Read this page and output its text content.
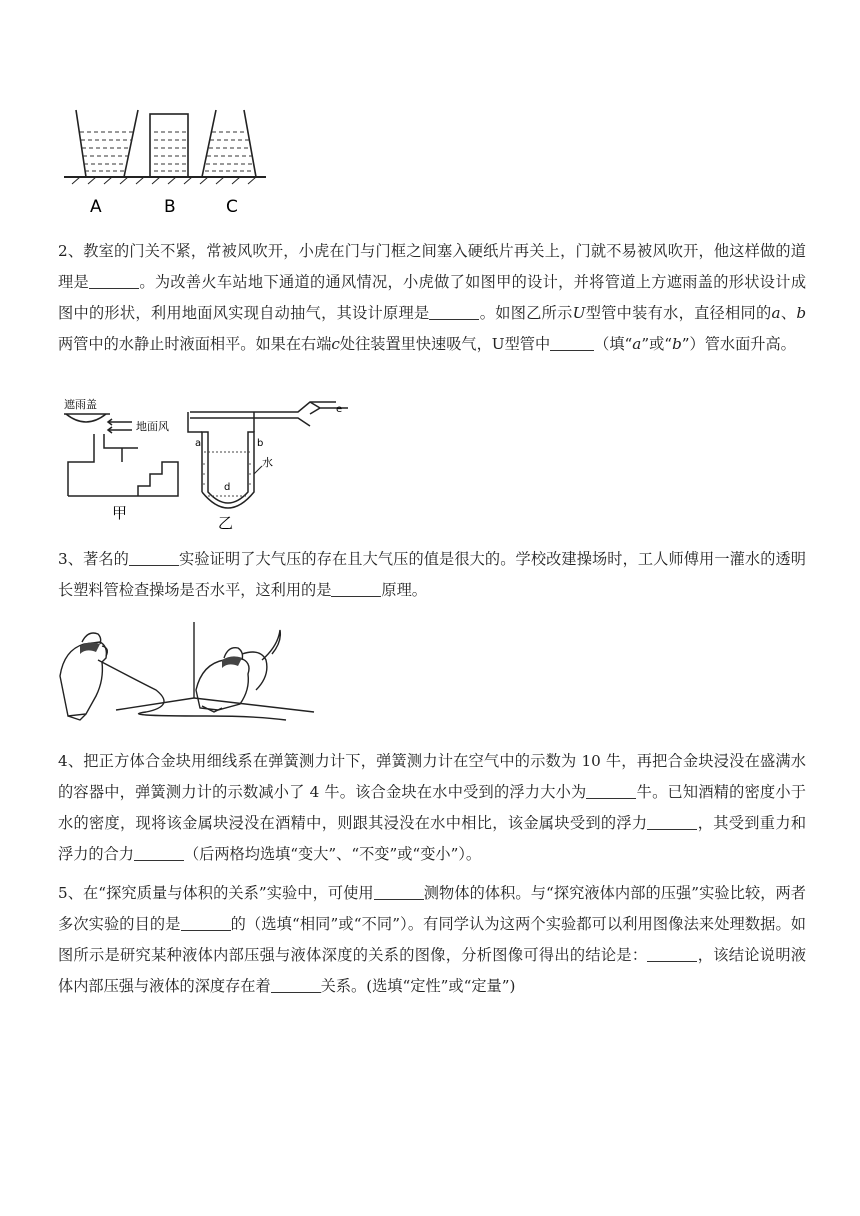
A	B	C

2、教室的门关不紧，常被风吹开，小虎在门与门框之间塞入硬纸片再关上，门就不易被风吹开，他这样做的道理是	。为改善火车站地下通道的通风情况，小虎做了如图甲的设计，并将管道上方遮雨盖的形状设计成图中的形状，利用地面风实现自动抽气，其设计原理是	。如图乙所示U型管中装有水，直径相同的a、b两管中的水静止时液面相平。如果在右端c处往装置里快速吸气，U型管中	（填“a”或“b”）管水面升高。

遮雨盖
地面风
甲
乙
水
a	b
d
e

3、著名的	实验证明了大气压的存在且大气压的值是很大的。学校改建操场时，工人师傅用一灌水的透明长塑料管检查操场是否水平，这利用的是	原理。

4、把正方体合金块用细线系在弹簧测力计下，弹簧测力计在空气中的示数为 10 牛，再把合金块浸没在盛满水的容器中，弹簧测力计的示数减小了 4 牛。该合金块在水中受到的浮力大小为	牛。已知酒精的密度小于水的密度，现将该金属块浸没在酒精中，则跟其浸没在水中相比，该金属块受到的浮力	，其受到重力和浮力的合力	（后两格均选填“变大”、“不变”或“变小”）。

5、在“探究质量与体积的关系”实验中，可使用	测物体的体积。与“探究液体内部的压强”实验比较，两者多次实验的目的是	的（选填“相同”或“不同”）。有同学认为这两个实验都可以利用图像法来处理数据。如图所示是研究某种液体内部压强与液体深度的关系的图像，分析图像可得出的结论是：	，该结论说明液体内部压强与液体的深度存在着	关系。(选填“定性”或“定量”)
